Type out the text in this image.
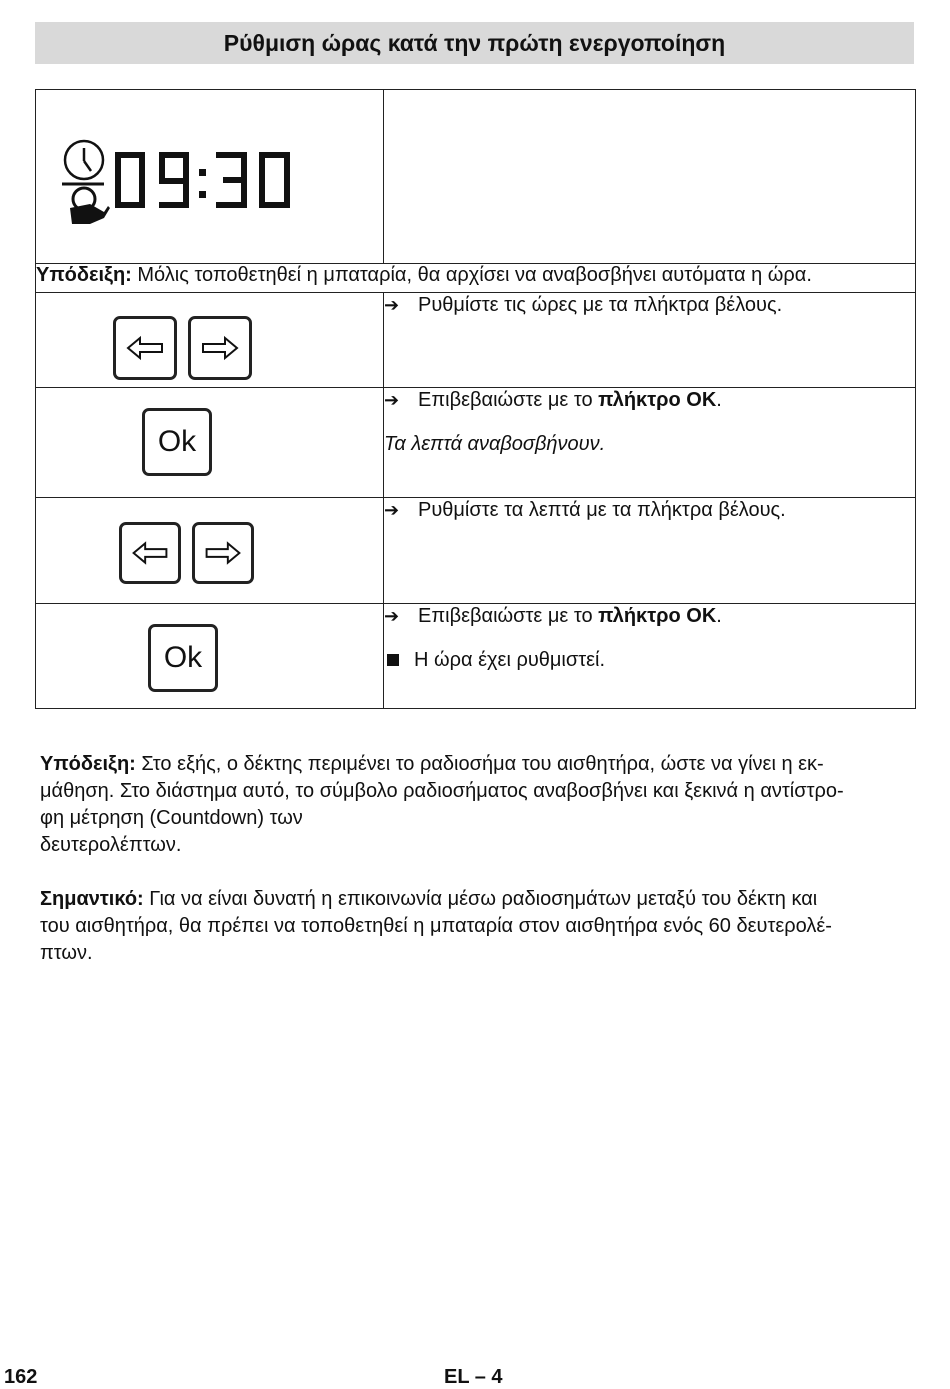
Ρύθμιση ώρας κατά την πρώτη ενεργοποίηση

Υπόδειξη: Μόλις τοποθετηθεί η μπαταρία, θα αρχίσει να αναβοσβήνει αυτόματα η ώρα.	

➔ Ρυθμίστε τις ώρες με τα πλήκτρα βέλους.

Ok	➔ Επιβεβαιώστε με το πλήκτρο OK.

Τα λεπτά αναβοσβήνουν.

➔ Ρυθμίστε τα λεπτά με τα πλήκτρα βέλους.

Ok	➔ Επιβεβαιώστε με το πλήκτρο OK.

Η ώρα έχει ρυθμιστεί.

Υπόδειξη: Στο εξής, ο δέκτης περιμένει το ραδιοσήμα του αισθητήρα, ώστε να γίνει η εκ-
μάθηση. Στο διάστημα αυτό, το σύμβολο ραδιοσήματος αναβοσβήνει και ξεκινά η αντίστρο-
φη μέτρηση (Countdown) των
δευτερολέπτων.
Σημαντικό: Για να είναι δυνατή η επικοινωνία μέσω ραδιοσημάτων μεταξύ του δέκτη και
του αισθητήρα, θα πρέπει να τοποθετηθεί η μπαταρία στον αισθητήρα ενός 60 δευτερολέ-
πτων.
162	EL – 4
